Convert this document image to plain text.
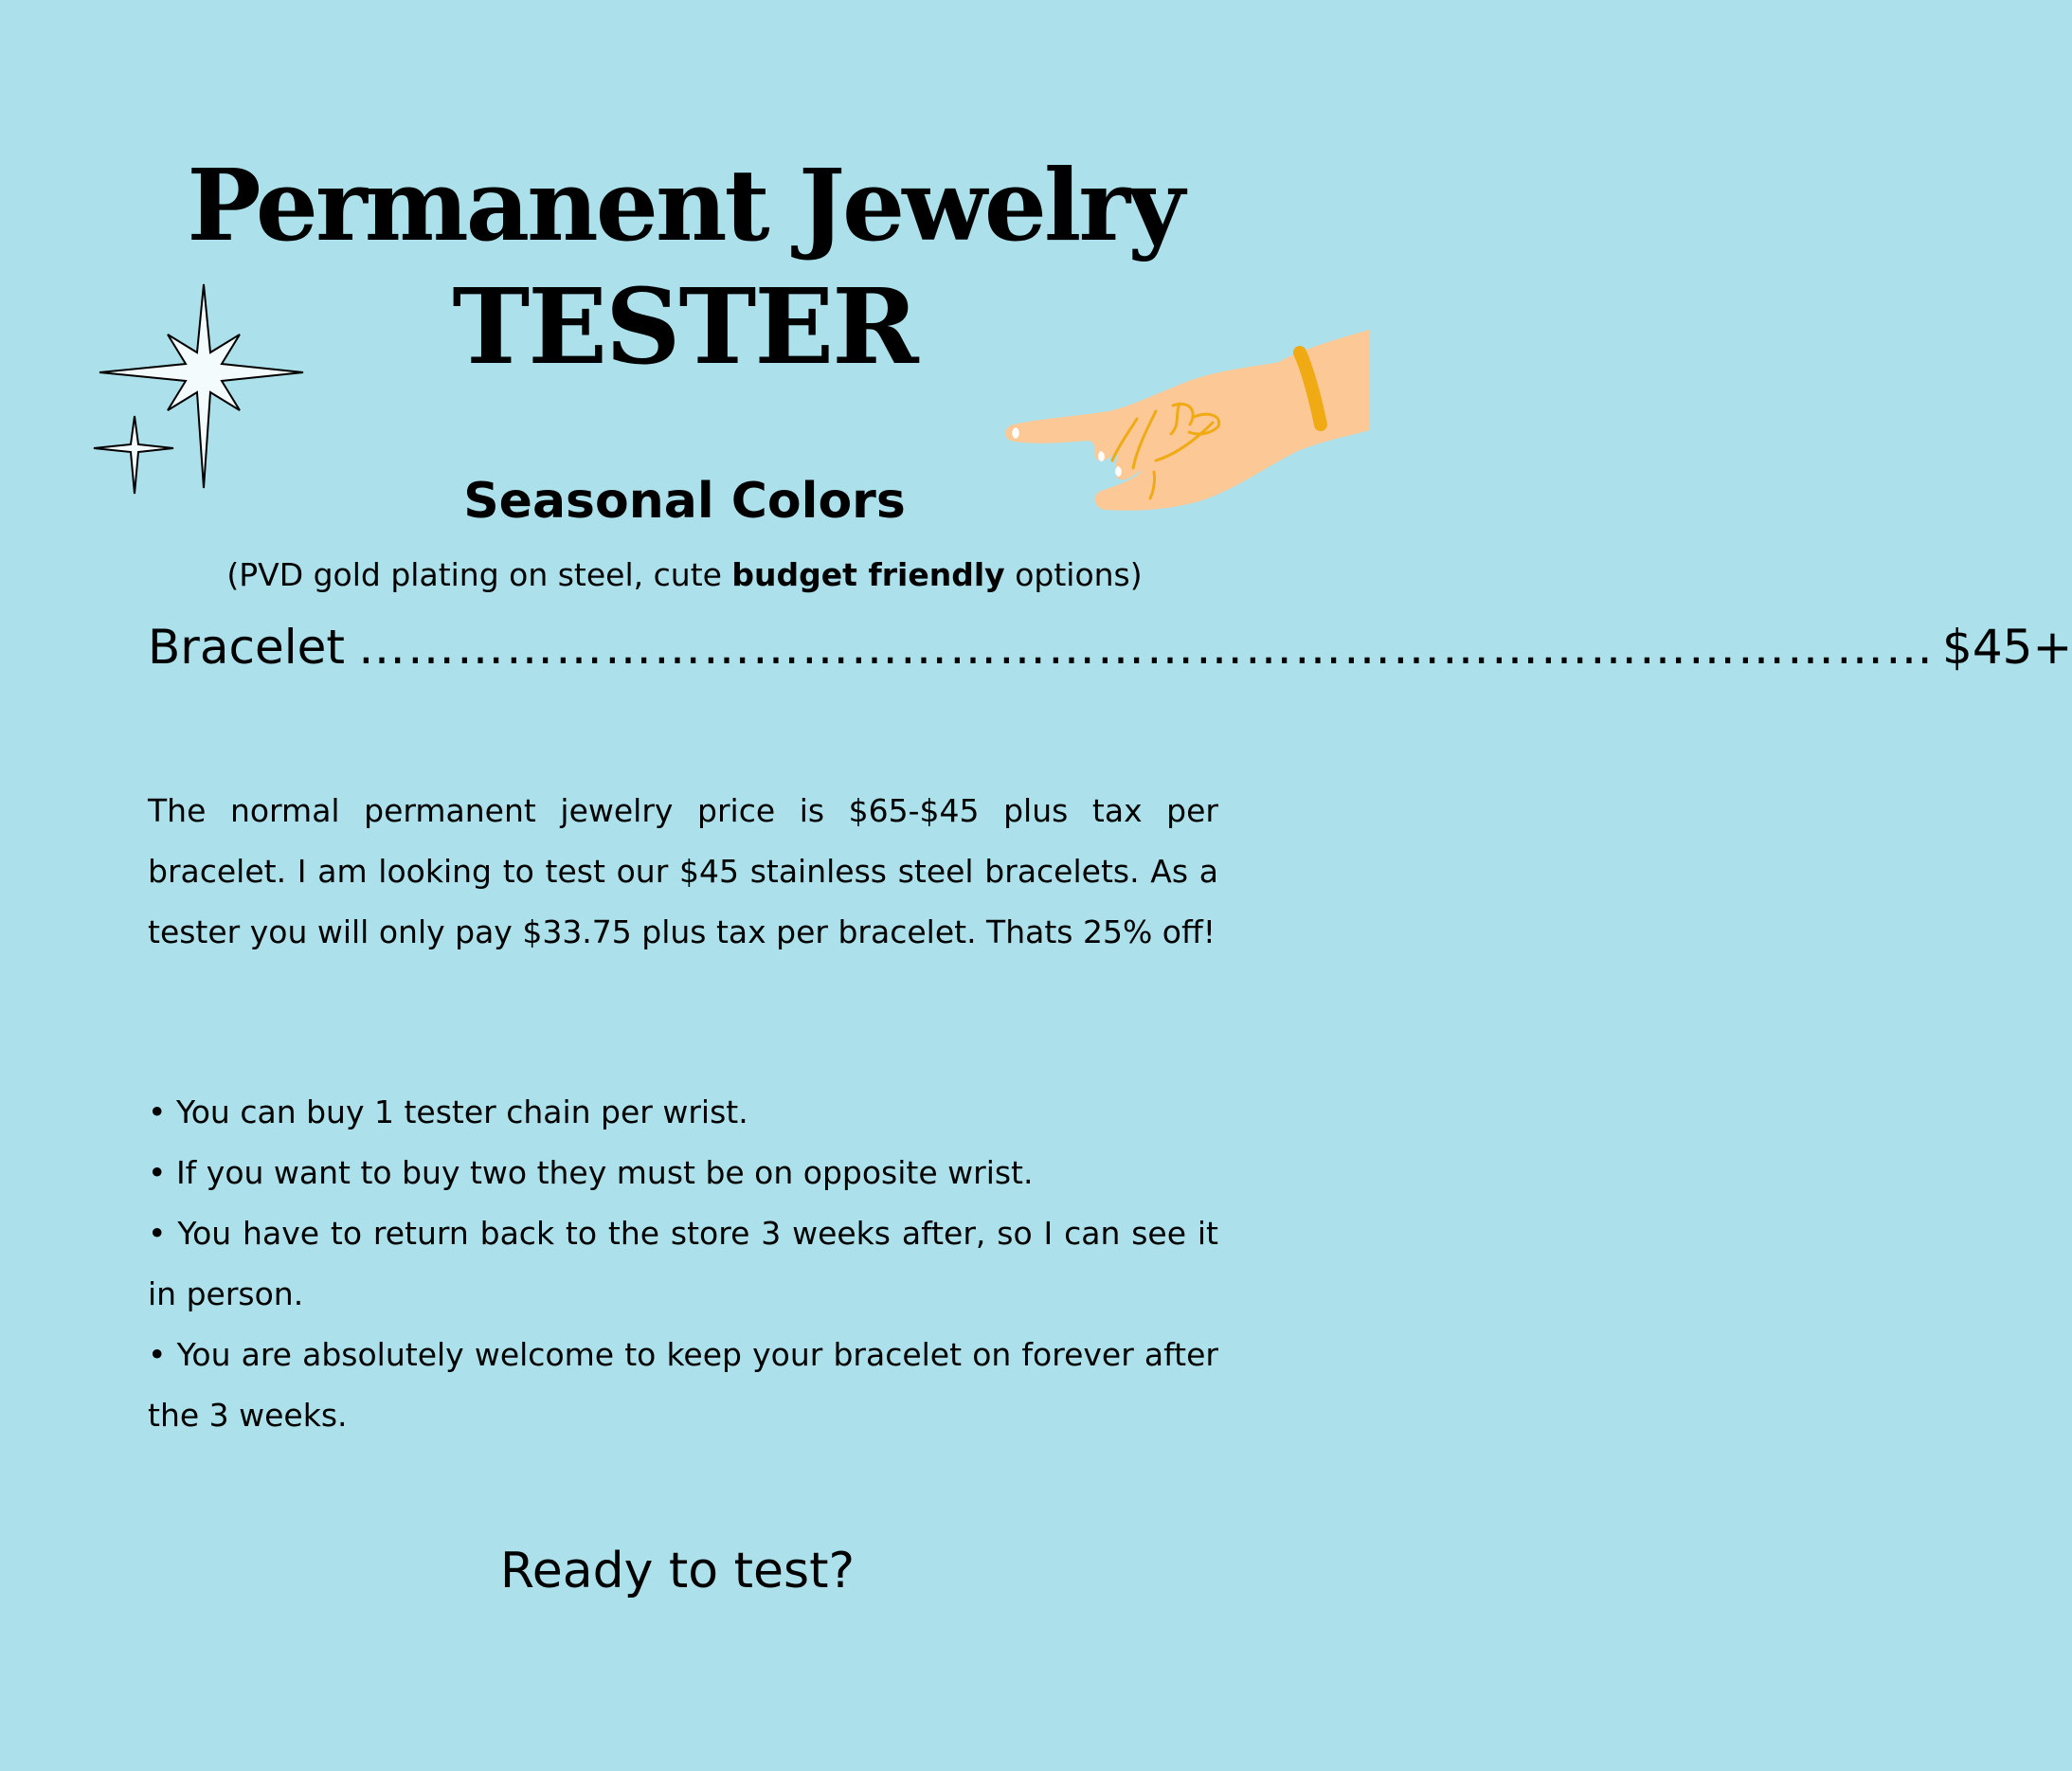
Permanent Jewelry
TESTER
Seasonal Colors
(PVD gold plating on steel, cute budget friendly options)
Bracelet …………………………………………………………………………………… $45+

The normal permanent jewelry price is $65-$45 plus tax per bracelet. I am looking to test our $45 stainless steel bracelets. As a tester you will only pay $33.75 plus tax per bracelet. Thats 25% off!

• You can buy 1 tester chain per wrist.
• If you want to buy two they must be on opposite wrist.
• You have to return back to the store 3 weeks after, so I can see it in person.
• You are absolutely welcome to keep your bracelet on forever after the 3 weeks.

Ready to test?
